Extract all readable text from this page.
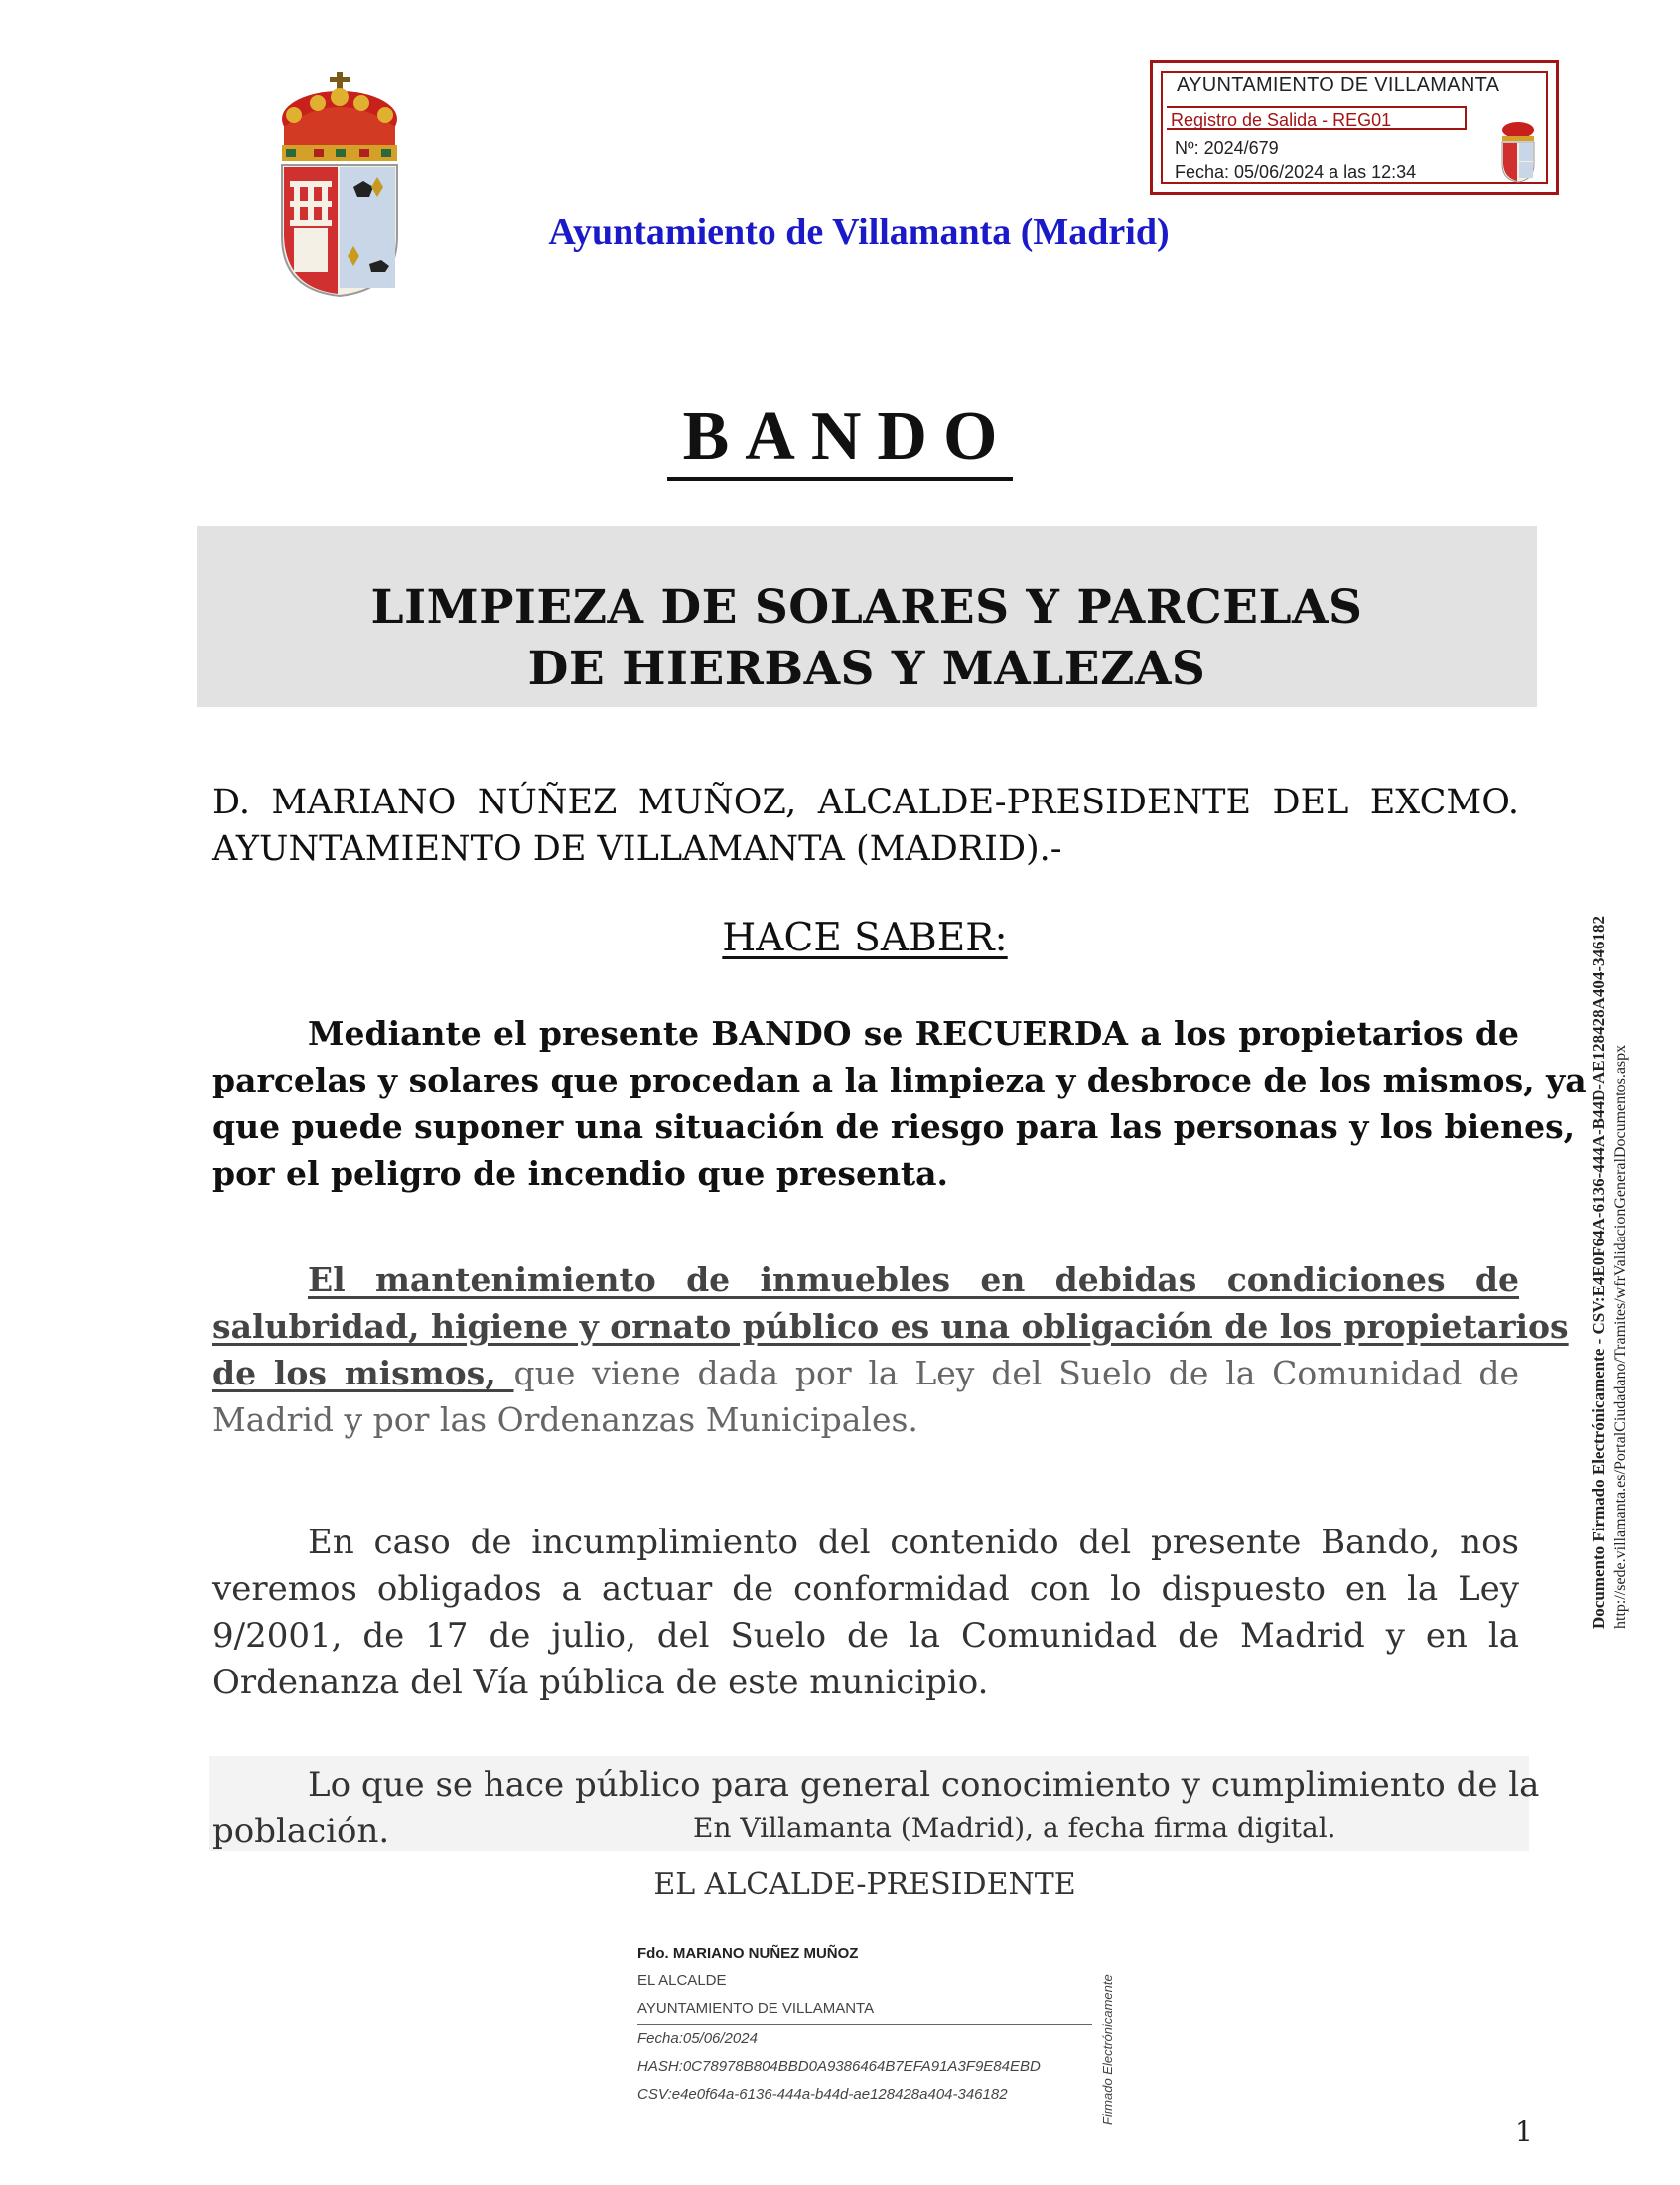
AYUNTAMIENTO DE VILLAMANTA
Registro de Salida - REG01
Nº: 2024/679
Fecha: 05/06/2024 a las 12:34
Ayuntamiento de Villamanta (Madrid)
BANDO
LIMPIEZA DE SOLARES Y PARCELAS
DE HIERBAS Y MALEZAS
D. MARIANO NÚÑEZ MUÑOZ, ALCALDE-PRESIDENTE DEL EXCMO.
AYUNTAMIENTO DE VILLAMANTA (MADRID).-
HACE SABER:
Mediante el presente BANDO se RECUERDA a los propietarios de
parcelas y solares que procedan a la limpieza y desbroce de los mismos, ya
que puede suponer una situación de riesgo para las personas y los bienes,
por el peligro de incendio que presenta.
El mantenimiento de inmuebles en debidas condiciones de
salubridad, higiene y ornato público es una obligación de los propietarios
de los mismos, que viene dada por la Ley del Suelo de la Comunidad de
Madrid y por las Ordenanzas Municipales.
En caso de incumplimiento del contenido del presente Bando, nos
veremos obligados a actuar de conformidad con lo dispuesto en la Ley
9/2001, de 17 de julio, del Suelo de la Comunidad de Madrid y en la
Ordenanza del Vía pública de este municipio.
Lo que se hace público para general conocimiento y cumplimiento de la
población.	En Villamanta (Madrid), a fecha firma digital.
EL ALCALDE-PRESIDENTE
Fdo. MARIANO NUÑEZ MUÑOZ
EL ALCALDE
AYUNTAMIENTO DE VILLAMANTA
Fecha:05/06/2024
HASH:0C78978B804BBD0A9386464B7EFA91A3F9E84EBD
CSV:e4e0f64a-6136-444a-b44d-ae128428a404-346182	Firmado Electrónicamente
Documento Firmado Electrónicamente - CSV:E4E0F64A-6136-444A-B44D-AE128428A404-346182 http://sede.villamanta.es/PortalCiudadano/Tramites/wfrValidacionGeneralDocumentos.aspx
1
